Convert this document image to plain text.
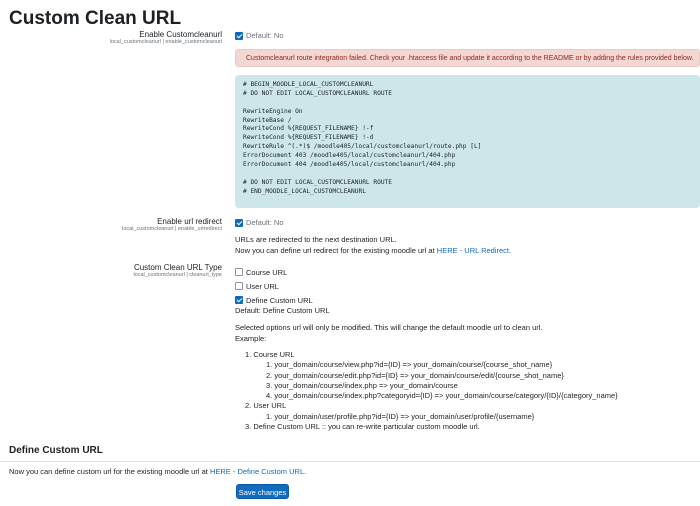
Custom Clean URL
Enable Customcleanurl
local_customcleanurl | enable_customcleanurl
Default: No
Customcleanurl route integration failed. Check your .htaccess file and update it according to the README or by adding the rules provided below.
# BEGIN_MOODLE_LOCAL_CUSTOMCLEANURL
# DO NOT EDIT LOCAL_CUSTOMCLEANURL ROUTE
RewriteEngine On
RewriteBase /
RewriteCond %{REQUEST_FILENAME} !-f
RewriteCond %{REQUEST_FILENAME} !-d
RewriteRule ^(.*)$ /moodle405/local/customcleanurl/route.php [L]
ErrorDocument 403 /moodle405/local/customcleanurl/404.php
ErrorDocument 404 /moodle405/local/customcleanurl/404.php
# DO NOT EDIT LOCAL_CUSTOMCLEANURL ROUTE
# END_MOODLE_LOCAL_CUSTOMCLEANURL
Enable url redirect
local_customcleanurl | enable_urlredirect
Default: No
URLs are redirected to the next destination URL.
Now you can define url redirect for the existing moodle url at HERE - URL Redirect.
Custom Clean URL Type
local_customcleanurl | cleanurl_type	Course URL
User URL
Define Custom URL
Default: Define Custom URL
Selected options url will only be modified. This will change the default moodle url to clean url.
Example:
1. Course URL
1. your_domain/course/view.php?id={ID} => your_domain/course/{course_shot_name}
2. your_domain/course/edit.php?id={ID} => your_domain/course/edit/{course_shot_name}
3. your_domain/course/index.php => your_domain/course
4. your_domain/course/index.php?categoryid={ID} => your_domain/course/category/{ID}/{category_name}
2. User URL
1. your_domain/user/profile.php?id={ID} => your_domain/user/profile/{username}
3. Define Custom URL :: you can re-write particular custom moodle url.
Define Custom URL
Now you can define custom url for the existing moodle url at HERE - Define Custom URL.
Save changes
